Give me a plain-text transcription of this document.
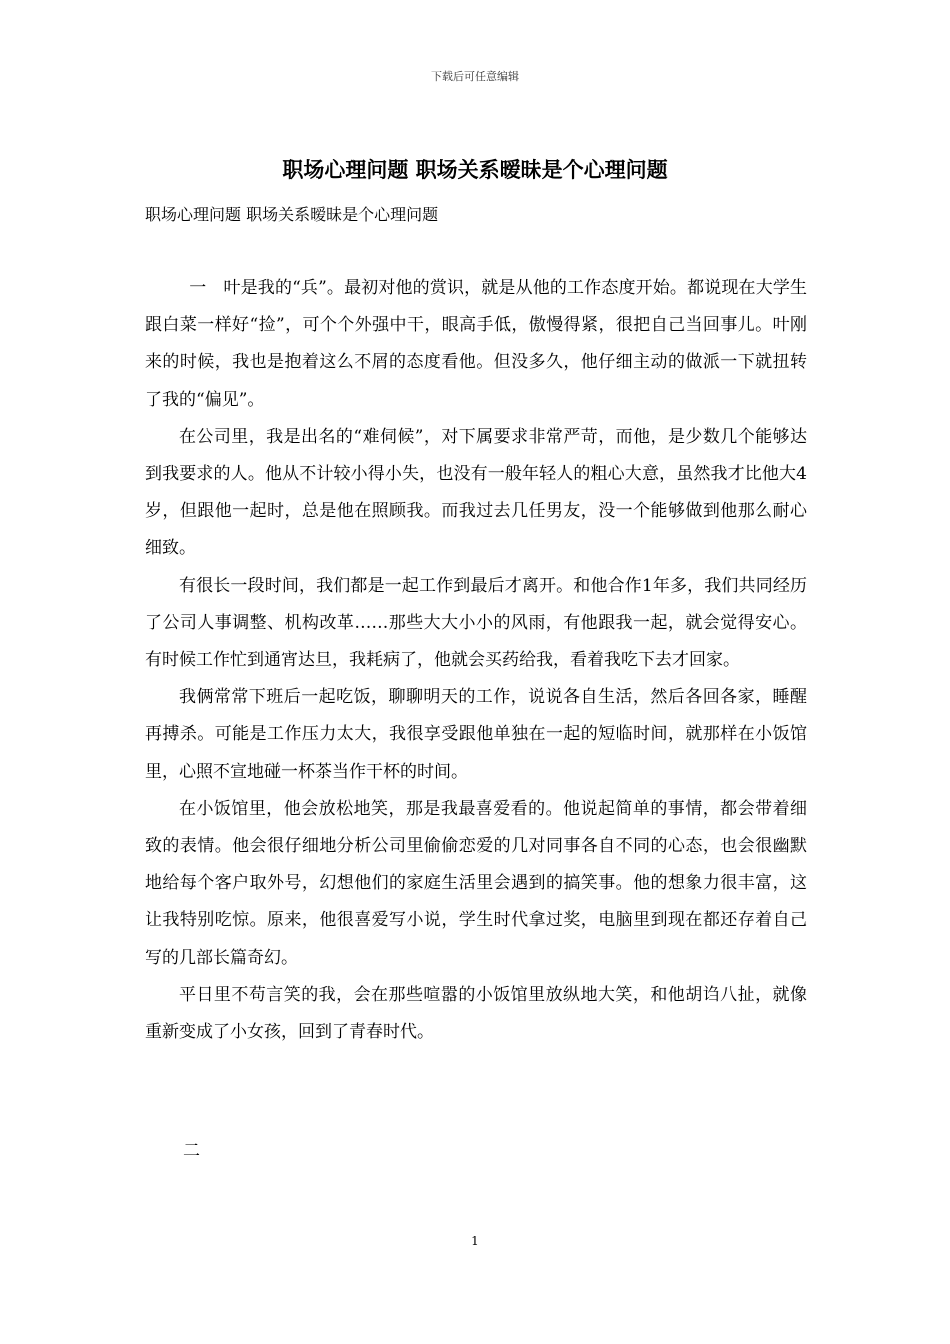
下载后可任意编辑
职场心理问题 职场关系暧昧是个心理问题

职场心理问题 职场关系暧昧是个心理问题

一　叶是我的“兵”。最初对他的赏识，就是从他的工作态度开始。都说现在大学生跟白菜一样好“捡”，可个个外强中干，眼高手低，傲慢得紧，很把自己当回事儿。叶刚来的时候，我也是抱着这么不屑的态度看他。但没多久，他仔细主动的做派一下就扭转了我的“偏见”。

在公司里，我是出名的“难伺候”，对下属要求非常严苛，而他，是少数几个能够达到我要求的人。他从不计较小得小失，也没有一般年轻人的粗心大意，虽然我才比他大4岁，但跟他一起时，总是他在照顾我。而我过去几任男友，没一个能够做到他那么耐心细致。

有很长一段时间，我们都是一起工作到最后才离开。和他合作1年多，我们共同经历了公司人事调整、机构改革……那些大大小小的风雨，有他跟我一起，就会觉得安心。有时候工作忙到通宵达旦，我耗病了，他就会买药给我，看着我吃下去才回家。

我俩常常下班后一起吃饭，聊聊明天的工作，说说各自生活，然后各回各家，睡醒再搏杀。可能是工作压力太大，我很享受跟他单独在一起的短临时间，就那样在小饭馆里，心照不宣地碰一杯茶当作干杯的时间。

在小饭馆里，他会放松地笑，那是我最喜爱看的。他说起简单的事情，都会带着细致的表情。他会很仔细地分析公司里偷偷恋爱的几对同事各自不同的心态，也会很幽默地给每个客户取外号，幻想他们的家庭生活里会遇到的搞笑事。他的想象力很丰富，这让我特别吃惊。原来，他很喜爱写小说，学生时代拿过奖，电脑里到现在都还存着自己写的几部长篇奇幻。

平日里不苟言笑的我，会在那些喧嚣的小饭馆里放纵地大笑，和他胡诌八扯，就像重新变成了小女孩，回到了青春时代。

二

1
